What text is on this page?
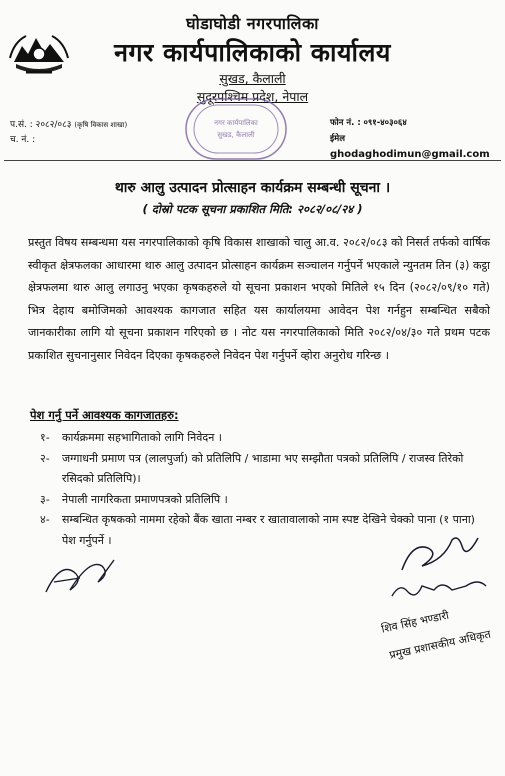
घोडाघोडी नगरपालिका
नगर कार्यपालिकाको कार्यालय
सुखड, कैलाली
सुदूरपश्चिम प्रदेश, नेपाल
नगर कार्यपालिका
सुखड, कैलाली
प.सं. : २०८२/०८३ (कृषि विकास शाखा)
च. नं. :
फोन नं. : ०९१-४०३०६४
ईमेल ghodaghodimun@gmail.com
थारु आलु उत्पादन प्रोत्साहन कार्यक्रम सम्बन्धी सूचना ।
( दोस्रो पटक सूचना प्रकाशित मिति: २०८२/०८/२४ )
प्रस्तुत विषय सम्बन्धमा यस नगरपालिकाको कृषि विकास शाखाको चालु आ.व. २०८२/०८३ को निसर्त तर्फको वार्षिक स्वीकृत क्षेत्रफलका आधारमा थारु आलु उत्पादन प्रोत्साहन कार्यक्रम सञ्चालन गर्नुपर्ने भएकाले न्युनतम तिन (३) कट्ठा क्षेत्रफलमा थारु आलु लगाउनु भएका कृषकहरुले यो सूचना प्रकाशन भएको मितिले १५ दिन (२०८२/०९/१० गते) भित्र देहाय बमोजिमको आवश्यक कागजात सहित यस कार्यालयमा आवेदन पेश गर्नहुन सम्बन्धित सबैको जानकारीका लागि यो सूचना प्रकाशन गरिएको छ । नोट यस नगरपालिकाको मिति २०८२/०४/३० गते प्रथम पटक प्रकाशित सुचनानुसार निवेदन दिएका कृषकहरुले निवेदन पेश गर्नुपर्ने व्होरा अनुरोध गरिन्छ ।
पेश गर्नु पर्ने आवश्यक कागजातहरु:
१-	कार्यक्रममा सहभागिताको लागि निवेदन ।
२-	जग्गाधनी प्रमाण पत्र (लालपुर्जा) को प्रतिलिपि / भाडामा भए सम्झौता पत्रको प्रतिलिपि / राजस्व तिरेको रसिदको प्रतिलिपि)।
३-	नेपाली नागरिकता प्रमाणपत्रको प्रतिलिपि ।
४-	सम्बन्धित कृषकको नाममा रहेको बैंक खाता नम्बर र खातावालाको नाम स्पष्ट देखिने चेक्को पाना (१ पाना) पेश गर्नुपर्ने ।
शिव सिंह भण्डारी
प्रमुख प्रशासकीय अधिकृत
